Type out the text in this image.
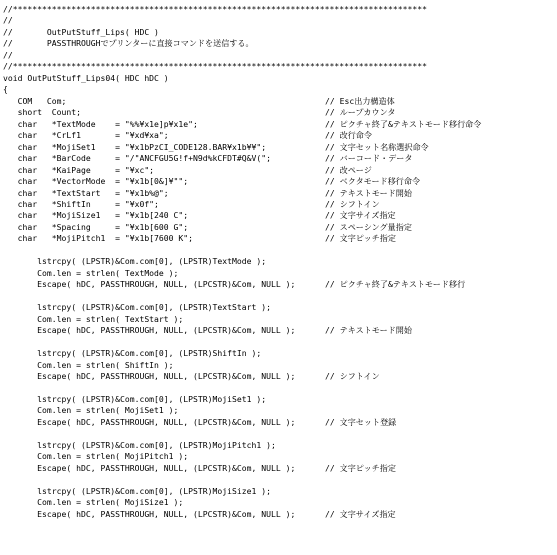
//*************************************************************************************
//
//       OutPutStuff_Lips( HDC )
//       PASSTHROUGHでプリンターに直接コマンドを送信する。
//
//*************************************************************************************
void OutPutStuff_Lips04( HDC hDC )
{
COM   Com;	// Esc出力構造体
short  Count;	// ループカウンタ
char   *TextMode    = "%%¥x1e]p¥x1e";	// ピクチャ終了&テキストモード移行命令
char   *CrLf1       = "¥xd¥xa";	// 改行命令
char   *MojiSet1    = "¥x1bPzCI_CODE128.BAR¥x1b¥¥";	// 文字セット名称選択命令
char   *BarCode     = "/"ANCFGU5G!f+N9d%kCFDT#Q&V(";	// バーコード・データ
char   *KaiPage     = "¥xc";	// 改ページ
char   *VectorMode  = "¥x1b[0&]¥"";	// ベクタモード移行命令
char   *TextStart   = "¥x1b%@";	// テキストモード開始
char   *ShiftIn     = "¥x0f";	// シフトイン
char   *MojiSize1   = "¥x1b[240 C";	// 文字サイズ指定
char   *Spacing     = "¥x1b[600 G";	// スペーシング量指定
char   *MojiPitch1  = "¥x1b[7600 K";	// 文字ピッチ指定
lstrcpy( (LPSTR)&Com.com[0], (LPSTR)TextMode );
Com.len = strlen( TextMode );
Escape( hDC, PASSTHROUGH, NULL, (LPCSTR)&Com, NULL );	// ピクチャ終了&テキストモード移行
lstrcpy( (LPSTR)&Com.com[0], (LPSTR)TextStart );
Com.len = strlen( TextStart );
Escape( hDC, PASSTHROUGH, NULL, (LPCSTR)&Com, NULL );	// テキストモード開始
lstrcpy( (LPSTR)&Com.com[0], (LPSTR)ShiftIn );
Com.len = strlen( ShiftIn );
Escape( hDC, PASSTHROUGH, NULL, (LPCSTR)&Com, NULL );	// シフトイン
lstrcpy( (LPSTR)&Com.com[0], (LPSTR)MojiSet1 );
Com.len = strlen( MojiSet1 );
Escape( hDC, PASSTHROUGH, NULL, (LPCSTR)&Com, NULL );	// 文字セット登録
lstrcpy( (LPSTR)&Com.com[0], (LPSTR)MojiPitch1 );
Com.len = strlen( MojiPitch1 );
Escape( hDC, PASSTHROUGH, NULL, (LPCSTR)&Com, NULL );	// 文字ピッチ指定
lstrcpy( (LPSTR)&Com.com[0], (LPSTR)MojiSize1 );
Com.len = strlen( MojiSize1 );
Escape( hDC, PASSTHROUGH, NULL, (LPCSTR)&Com, NULL );	// 文字サイズ指定
